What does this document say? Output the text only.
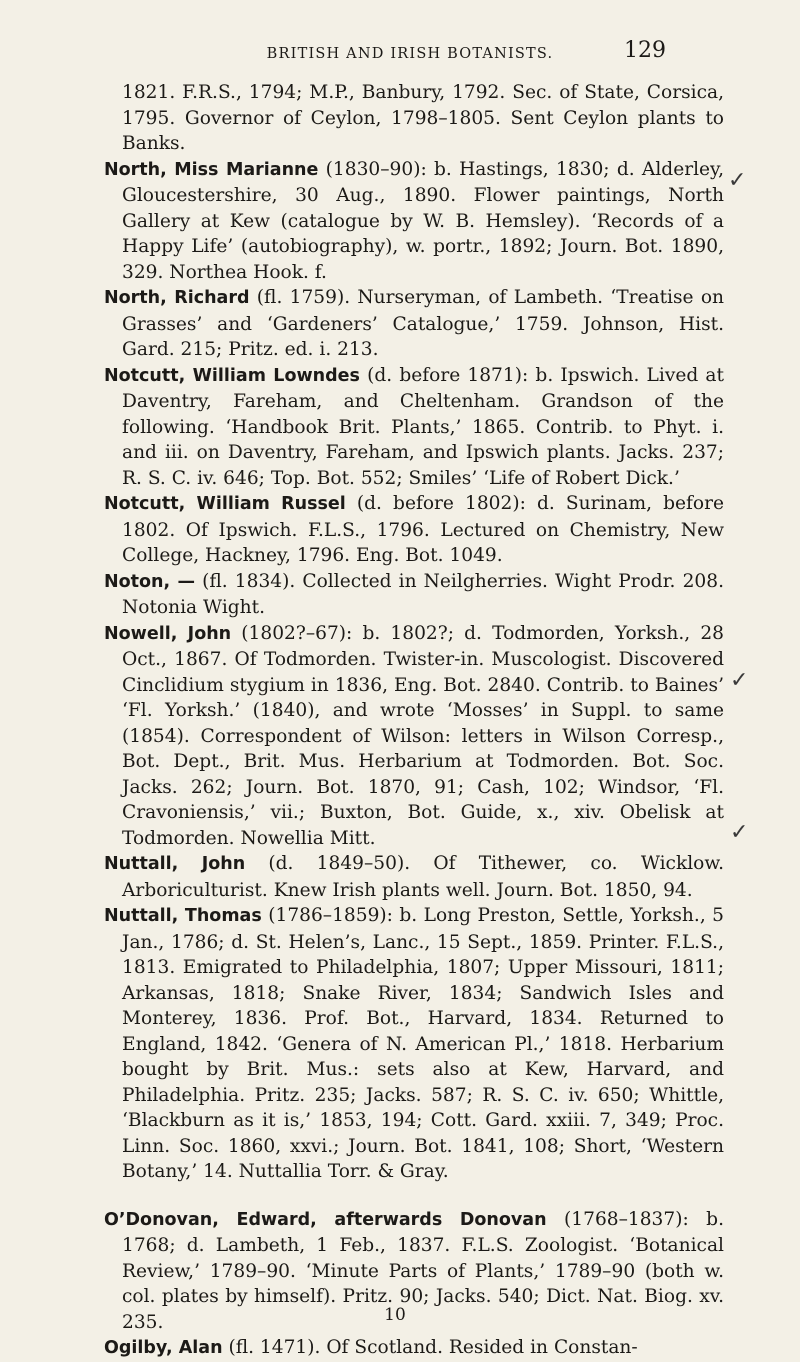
BRITISH AND IRISH BOTANISTS.	129

1821. F.R.S., 1794; M.P., Banbury, 1792. Sec. of State, Corsica, 1795. Governor of Ceylon, 1798–1805. Sent Ceylon plants to Banks.

North, Miss Marianne (1830–90): b. Hastings, 1830; d. Alderley, Gloucestershire, 30 Aug., 1890. Flower paintings, North Gallery at Kew (catalogue by W. B. Hemsley). ‘Records of a Happy Life’ (autobiography), w. portr., 1892; Journ. Bot. 1890, 329. Northea Hook. f.

North, Richard (fl. 1759). Nurseryman, of Lambeth. ‘Treatise on Grasses’ and ‘Gardeners’ Catalogue,’ 1759. Johnson, Hist. Gard. 215; Pritz. ed. i. 213.

Notcutt, William Lowndes (d. before 1871): b. Ipswich. Lived at Daventry, Fareham, and Cheltenham. Grandson of the following. ‘Handbook Brit. Plants,’ 1865. Contrib. to Phyt. i. and iii. on Daventry, Fareham, and Ipswich plants. Jacks. 237; R. S. C. iv. 646; Top. Bot. 552; Smiles’ ‘Life of Robert Dick.’

Notcutt, William Russel (d. before 1802): d. Surinam, before 1802. Of Ipswich. F.L.S., 1796. Lectured on Chemistry, New College, Hackney, 1796. Eng. Bot. 1049.

Noton, — (fl. 1834). Collected in Neilgherries. Wight Prodr. 208. Notonia Wight.

Nowell, John (1802?–67): b. 1802?; d. Todmorden, Yorksh., 28 Oct., 1867. Of Todmorden. Twister-in. Muscologist. Discovered Cinclidium stygium in 1836, Eng. Bot. 2840. Contrib. to Baines’ ‘Fl. Yorksh.’ (1840), and wrote ‘Mosses’ in Suppl. to same (1854). Correspondent of Wilson: letters in Wilson Corresp., Bot. Dept., Brit. Mus. Herbarium at Todmorden. Bot. Soc. Jacks. 262; Journ. Bot. 1870, 91; Cash, 102; Windsor, ‘Fl. Cravoniensis,’ vii.; Buxton, Bot. Guide, x., xiv. Obelisk at Todmorden. Nowellia Mitt.

Nuttall, John (d. 1849–50). Of Tithewer, co. Wicklow. Arboriculturist. Knew Irish plants well. Journ. Bot. 1850, 94.

Nuttall, Thomas (1786–1859): b. Long Preston, Settle, Yorksh., 5 Jan., 1786; d. St. Helen’s, Lanc., 15 Sept., 1859. Printer. F.L.S., 1813. Emigrated to Philadelphia, 1807; Upper Missouri, 1811; Arkansas, 1818; Snake River, 1834; Sandwich Isles and Monterey, 1836. Prof. Bot., Harvard, 1834. Returned to England, 1842. ‘Genera of N. American Pl.,’ 1818. Herbarium bought by Brit. Mus.: sets also at Kew, Harvard, and Philadelphia. Pritz. 235; Jacks. 587; R. S. C. iv. 650; Whittle, ‘Blackburn as it is,’ 1853, 194; Cott. Gard. xxiii. 7, 349; Proc. Linn. Soc. 1860, xxvi.; Journ. Bot. 1841, 108; Short, ‘Western Botany,’ 14. Nuttallia Torr. & Gray.

O’Donovan, Edward, afterwards Donovan (1768–1837): b. 1768; d. Lambeth, 1 Feb., 1837. F.L.S. Zoologist. ‘Botanical Review,’ 1789–90. ‘Minute Parts of Plants,’ 1789–90 (both w. col. plates by himself). Pritz. 90; Jacks. 540; Dict. Nat. Biog. xv. 235.

Ogilby, Alan (fl. 1471). Of Scotland. Resided in Constan-

✓
✓
✓
10
